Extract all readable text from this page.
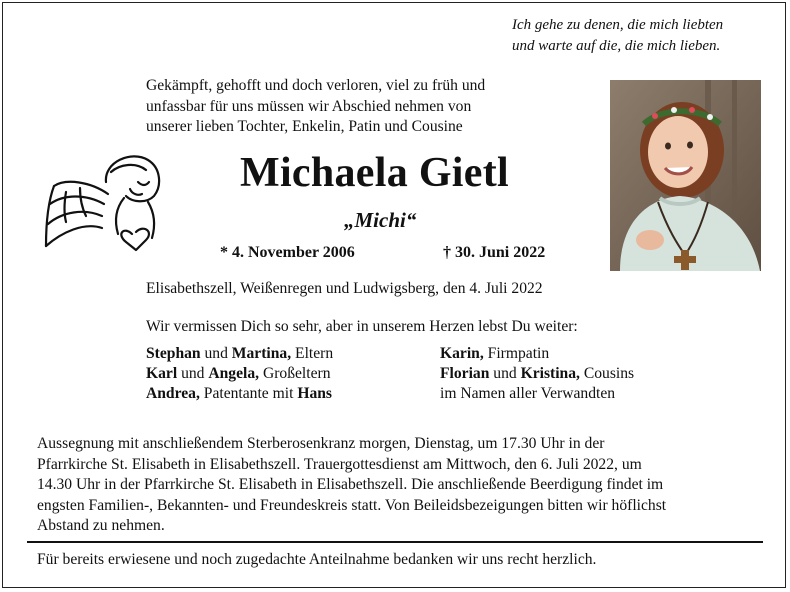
Ich gehe zu denen, die mich liebten
und warte auf die, die mich lieben.
Gekämpft, gehofft und doch verloren, viel zu früh und
unfassbar für uns müssen wir Abschied nehmen von
unserer lieben Tochter, Enkelin, Patin und Cousine
Michaela Gietl
„Michi“
* 4. November 2006	† 30. Juni 2022
Elisabethszell, Weißenregen und Ludwigsberg, den 4. Juli 2022
Wir vermissen Dich so sehr, aber in unserem Herzen lebst Du weiter:
Stephan und Martina, Eltern
Karl und Angela, Großeltern
Andrea, Patentante mit Hans
Karin, Firmpatin
Florian und Kristina, Cousins
im Namen aller Verwandten
Aussegnung mit anschließendem Sterberosenkranz morgen, Dienstag, um 17.30 Uhr in der
Pfarrkirche St. Elisabeth in Elisabethszell. Trauergottesdienst am Mittwoch, den 6. Juli 2022, um
14.30 Uhr in der Pfarrkirche St. Elisabeth in Elisabethszell. Die anschließende Beerdigung findet im
engsten Familien-, Bekannten- und Freundeskreis statt. Von Beileidsbezeigungen bitten wir höflichst
Abstand zu nehmen.
Für bereits erwiesene und noch zugedachte Anteilnahme bedanken wir uns recht herzlich.
